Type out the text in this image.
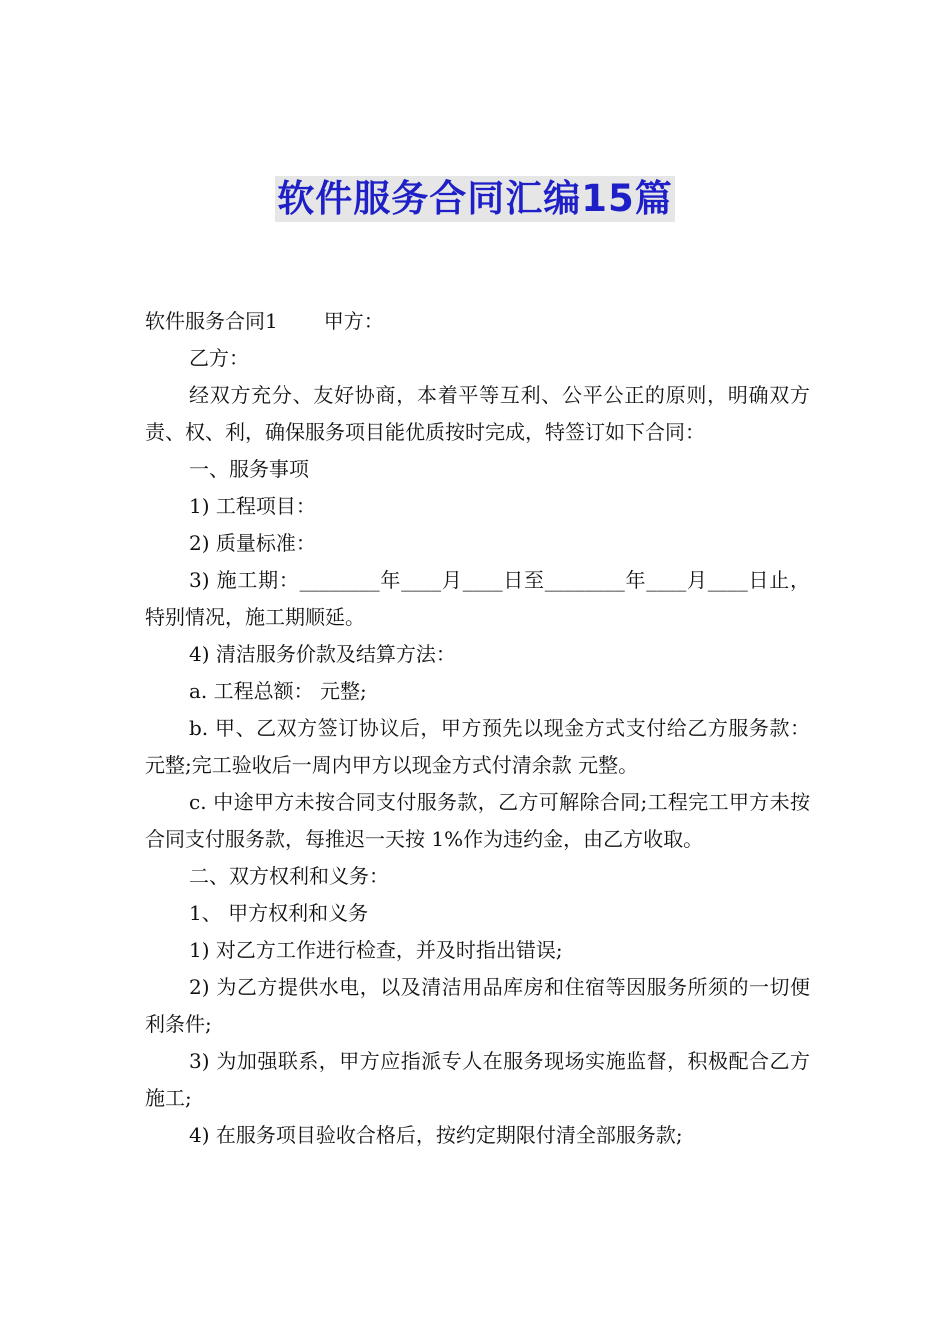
软件服务合同汇编15篇

软件服务合同1 甲方：

乙方：

经双方充分、友好协商，本着平等互利、公平公正的原则，明确双方责、权、利，确保服务项目能优质按时完成，特签订如下合同：

一、服务事项

1) 工程项目：

2) 质量标准：

3) 施工期：________年____月____日至________年____月____日止，特别情况，施工期顺延。

4) 清洁服务价款及结算方法：

a. 工程总额： 元整;

b. 甲、乙双方签订协议后，甲方预先以现金方式支付给乙方服务款： 元整;完工验收后一周内甲方以现金方式付清余款 元整。

c. 中途甲方未按合同支付服务款，乙方可解除合同;工程完工甲方未按合同支付服务款，每推迟一天按 1%作为违约金，由乙方收取。

二、双方权利和义务：

1、 甲方权利和义务

1) 对乙方工作进行检查，并及时指出错误;

2) 为乙方提供水电，以及清洁用品库房和住宿等因服务所须的一切便利条件;

3) 为加强联系，甲方应指派专人在服务现场实施监督，积极配合乙方施工;

4) 在服务项目验收合格后，按约定期限付清全部服务款;
